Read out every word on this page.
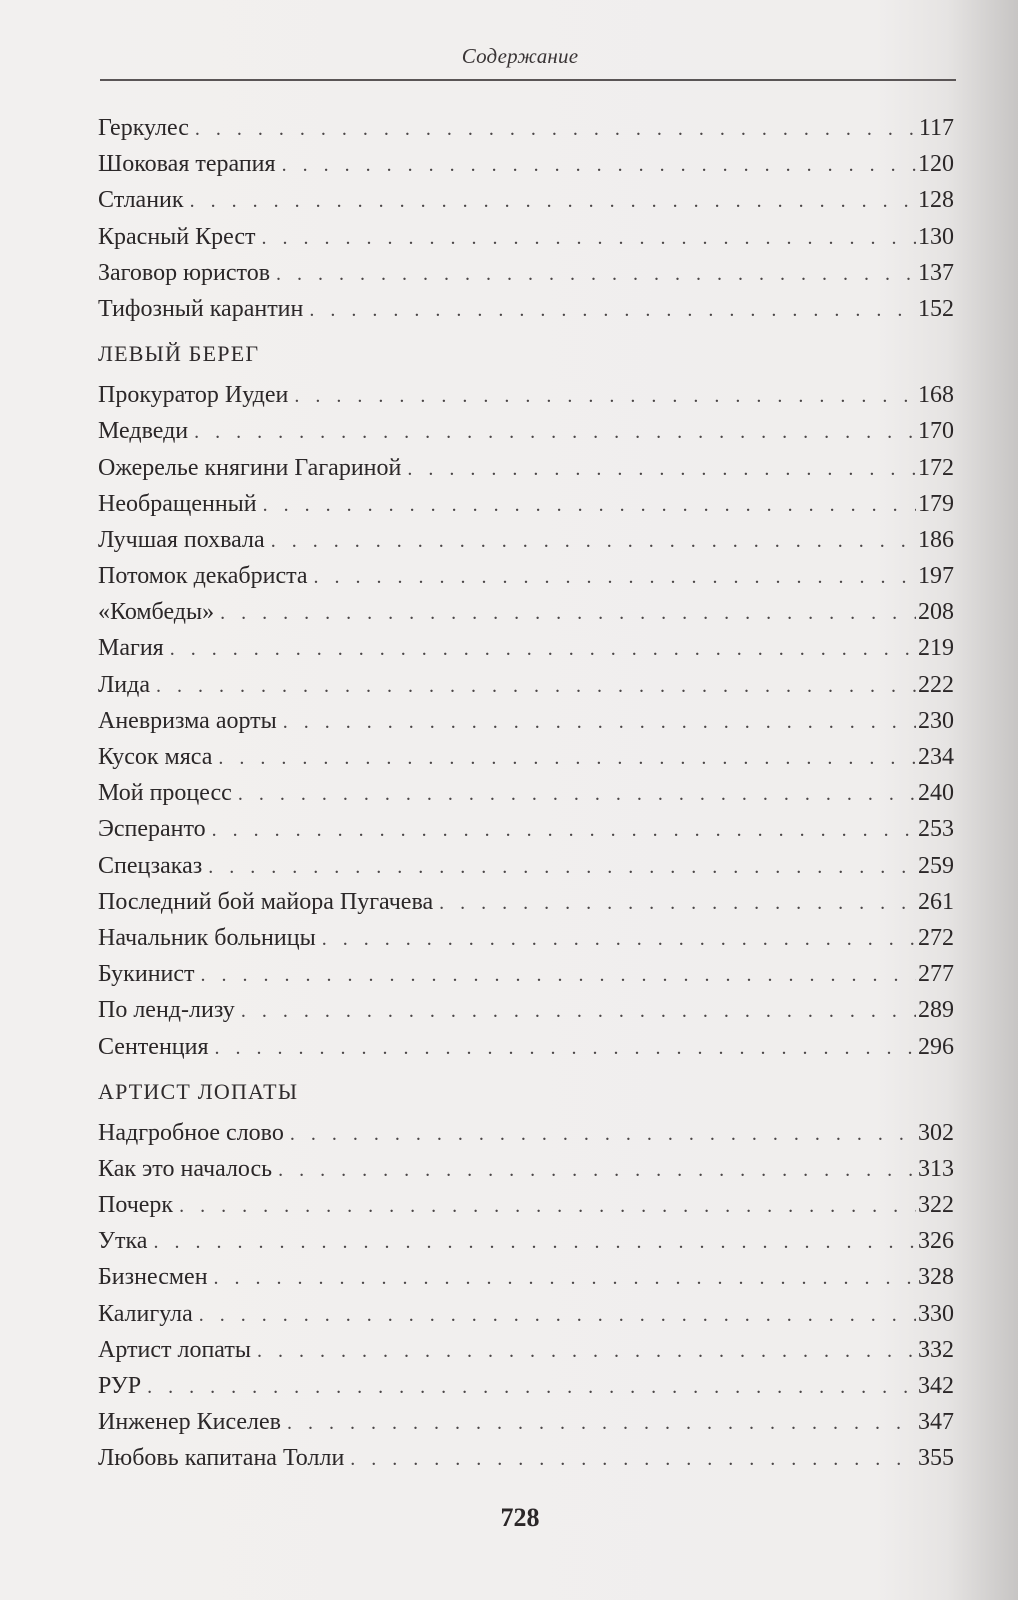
Содержание
Геркулес . . .	117
Шоковая терапия . . .	120
Стланик . . .	128
Красный Крест . . .	130
Заговор юристов . . .	137
Тифозный карантин . . .	152
ЛЕВЫЙ БЕРЕГ
Прокуратор Иудеи . . .	168
Медведи . . .	170
Ожерелье княгини Гагариной . . .	172
Необращенный . . .	179
Лучшая похвала . . .	186
Потомок декабриста . . .	197
«Комбеды» . . .	208
Магия . . .	219
Лида . . .	222
Аневризма аорты . . .	230
Кусок мяса . . .	234
Мой процесс . . .	240
Эсперанто . . .	253
Спецзаказ . . .	259
Последний бой майора Пугачева . . .	261
Начальник больницы . . .	272
Букинист . . .	277
По ленд-лизу . . .	289
Сентенция . . .	296
АРТИСТ ЛОПАТЫ
Надгробное слово . . .	302
Как это началось . . .	313
Почерк . . .	322
Утка . . .	326
Бизнесмен . . .	328
Калигула . . .	330
Артист лопаты . . .	332
РУР . . .	342
Инженер Киселев . . .	347
Любовь капитана Толли . . .	355
728
